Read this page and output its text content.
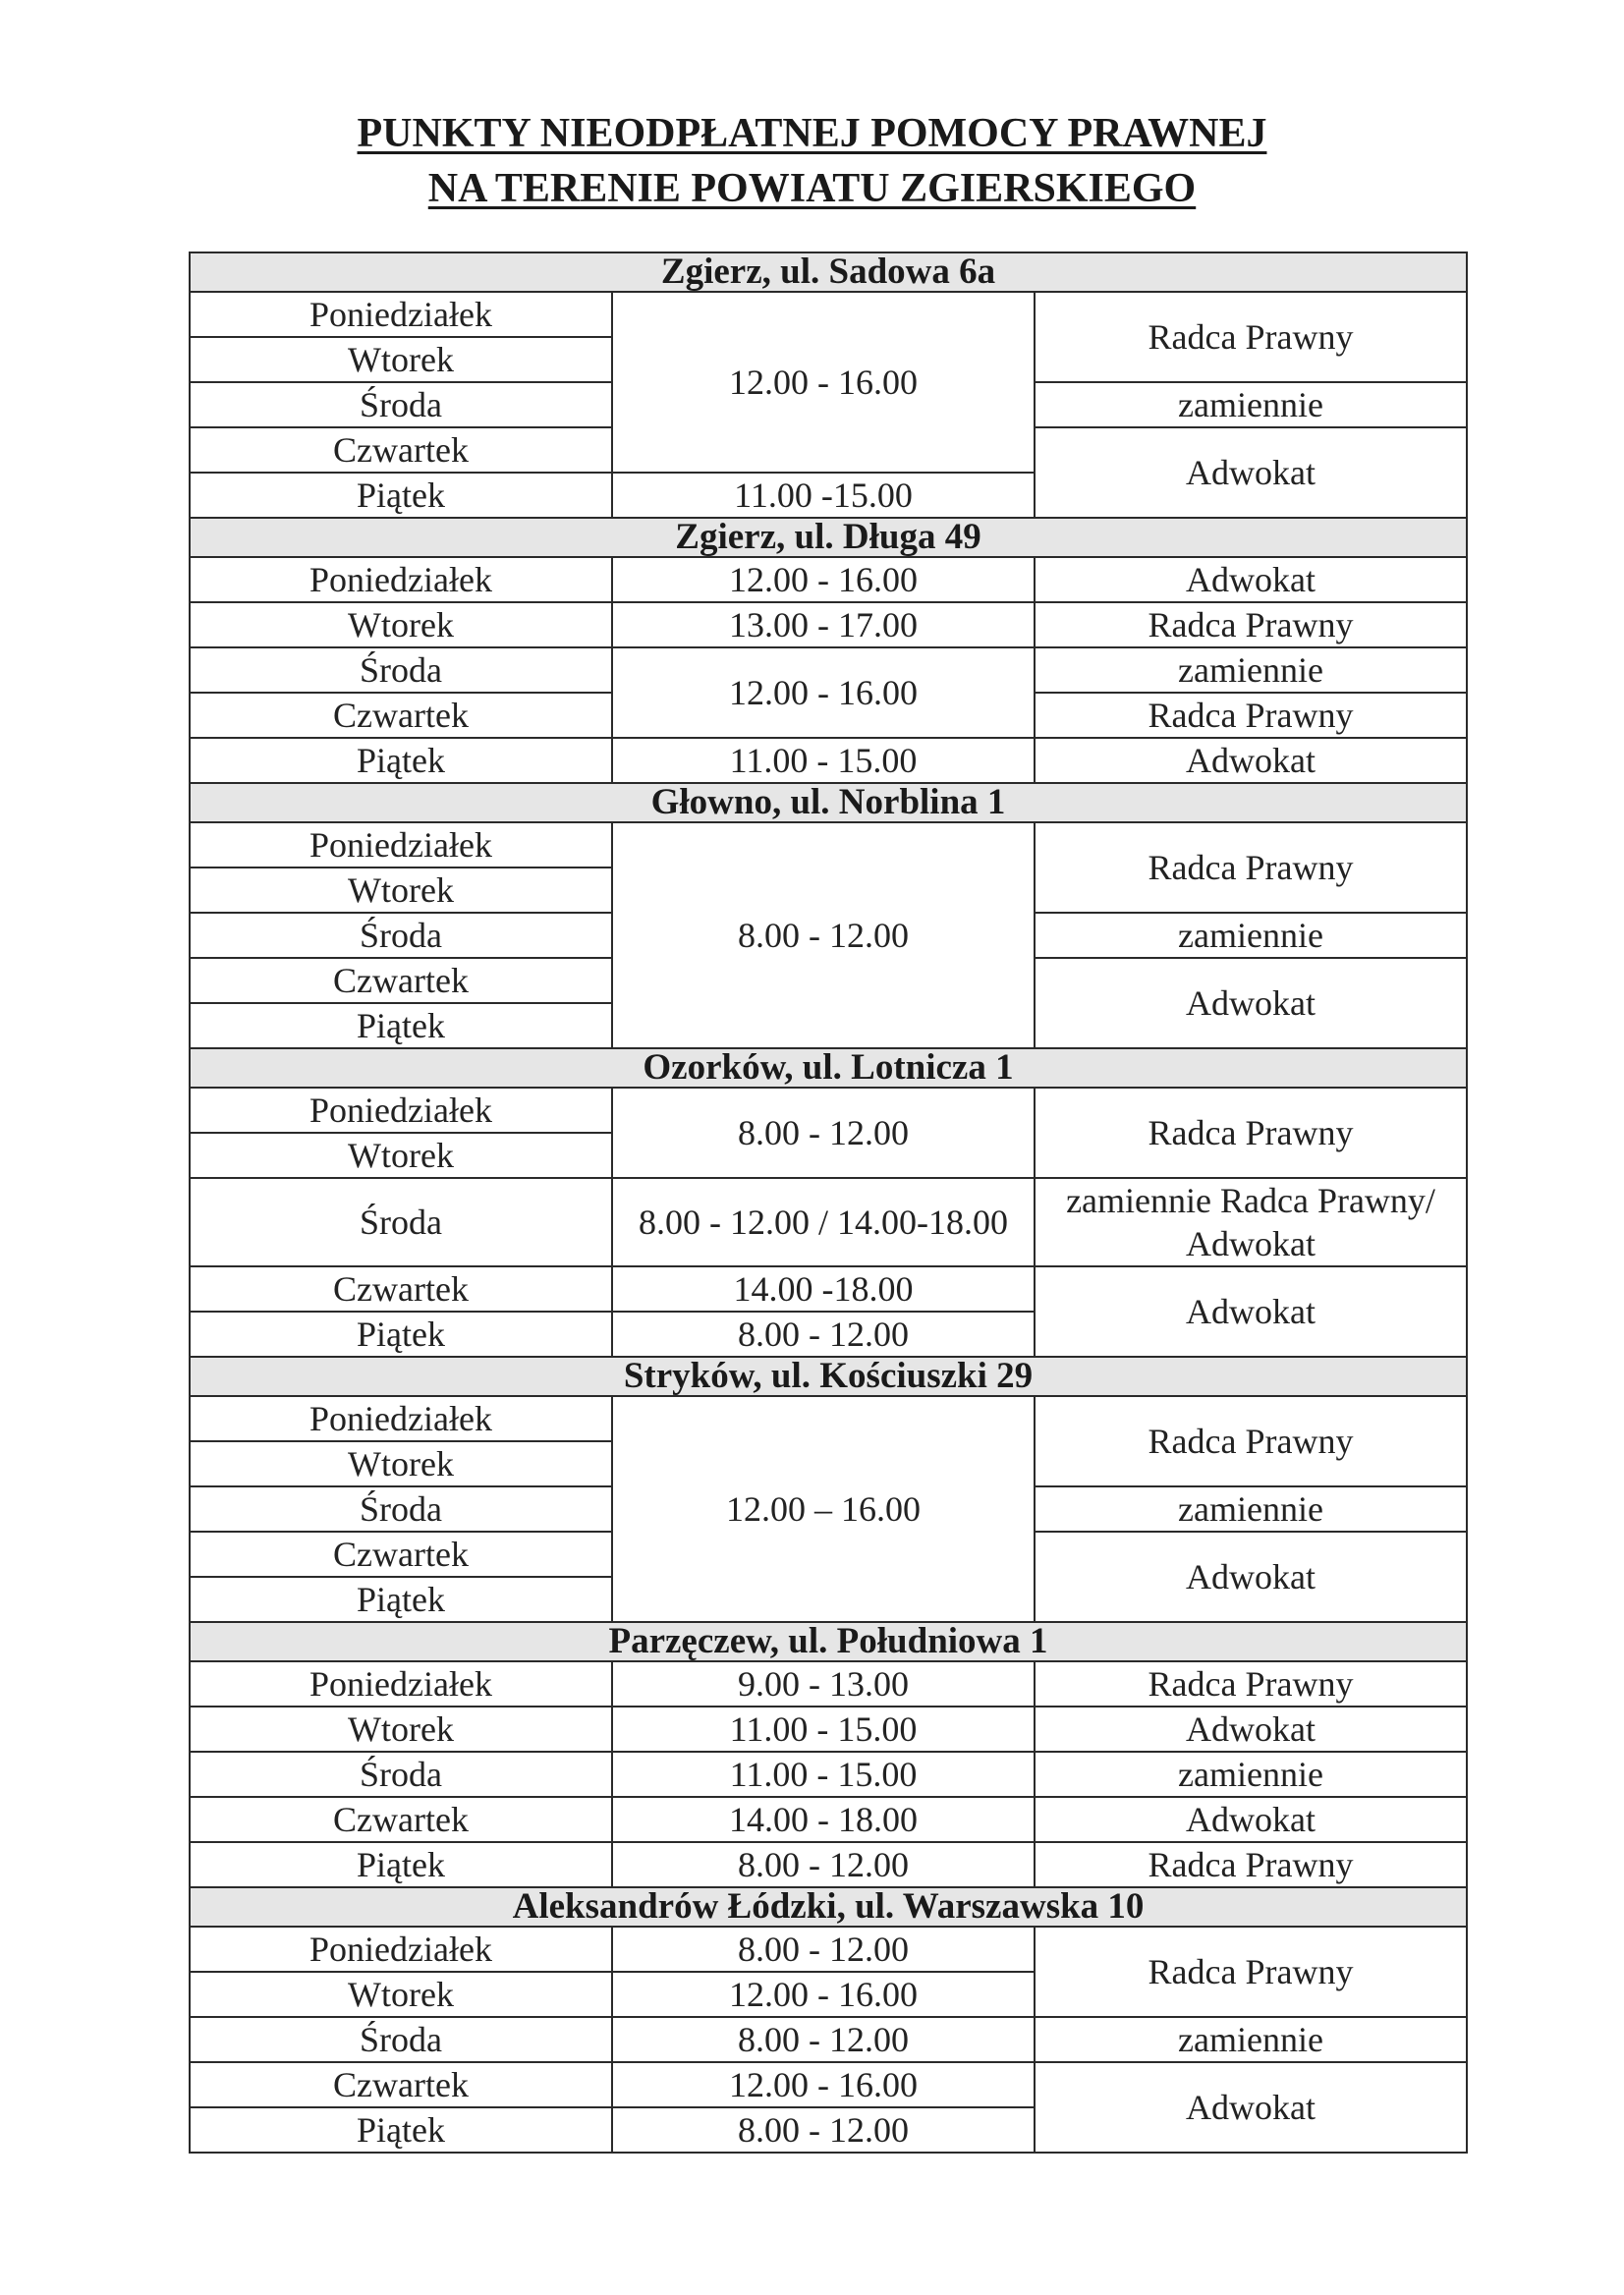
PUNKTY NIEODPŁATNEJ POMOCY PRAWNEJ
NA TERENIE POWIATU ZGIERSKIEGO
Zgierz, ul. Sadowa 6a		
Poniedziałek	12.00 - 16.00	Radca Prawny
Wtorek		
Środa		zamiennie
Czwartek		Adwokat
Piątek	11.00 -15.00	
Zgierz, ul. Długa 49		
Poniedziałek	12.00 - 16.00	Adwokat
Wtorek	13.00 - 17.00	Radca Prawny
Środa	12.00 - 16.00	zamiennie
Czwartek		Radca Prawny
Piątek	11.00 - 15.00	Adwokat
Głowno, ul. Norblina 1		
Poniedziałek	8.00 - 12.00	Radca Prawny
Wtorek		
Środa		zamiennie
Czwartek		Adwokat
Piątek		
Ozorków, ul. Lotnicza 1		
Poniedziałek	8.00 - 12.00	Radca Prawny
Wtorek		
Środa	8.00 - 12.00 / 14.00-18.00	zamiennie Radca Prawny/ Adwokat
Czwartek	14.00 -18.00	Adwokat
Piątek	8.00 - 12.00	
Stryków, ul. Kościuszki 29		
Poniedziałek	12.00 – 16.00	Radca Prawny
Wtorek		
Środa		zamiennie
Czwartek		Adwokat
Piątek		
Parzęczew, ul. Południowa 1		
Poniedziałek	9.00 - 13.00	Radca Prawny
Wtorek	11.00 - 15.00	Adwokat
Środa	11.00 - 15.00	zamiennie
Czwartek	14.00 - 18.00	Adwokat
Piątek	8.00 - 12.00	Radca Prawny
Aleksandrów Łódzki, ul. Warszawska 10		
Poniedziałek	8.00 - 12.00	Radca Prawny
Wtorek	12.00 - 16.00	
Środa	8.00 - 12.00	zamiennie
Czwartek	12.00 - 16.00	Adwokat
Piątek	8.00 - 12.00	
